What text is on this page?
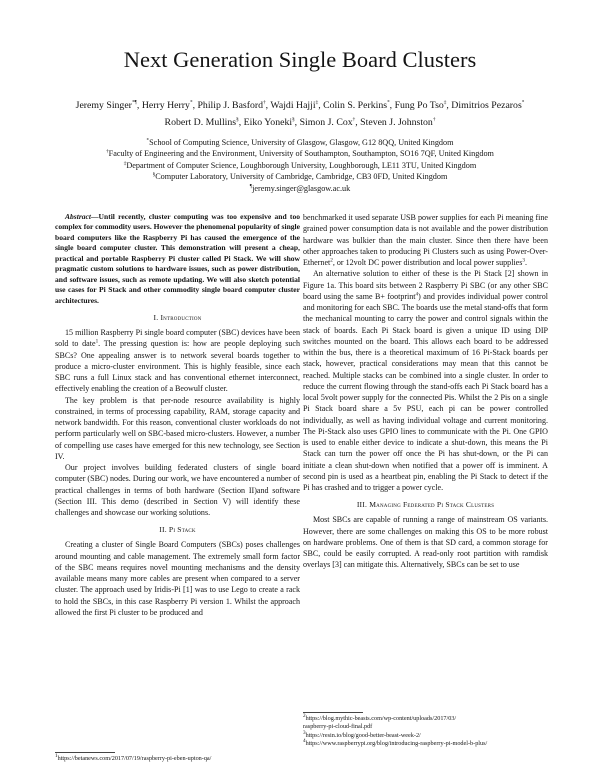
Next Generation Single Board Clusters
Jeremy Singer*¶, Herry Herry*, Philip J. Basford†, Wajdi Hajji‡, Colin S. Perkins*, Fung Po Tso‡, Dimitrios Pezaros*
Robert D. Mullins§, Eiko Yoneki§, Simon J. Cox†, Steven J. Johnston†
*School of Computing Science, University of Glasgow, Glasgow, G12 8QQ, United Kingdom
†Faculty of Engineering and the Environment, University of Southampton, Southampton, SO16 7QF, United Kingdom
‡Department of Computer Science, Loughborough University, Loughborough, LE11 3TU, United Kingdom
§Computer Laboratory, University of Cambridge, Cambridge, CB3 0FD, United Kingdom
¶jeremy.singer@glasgow.ac.uk

Abstract—Until recently, cluster computing was too expensive and too complex for commodity users. However the phenomenal popularity of single board computers like the Raspberry Pi has caused the emergence of the single board computer cluster. This demonstration will present a cheap, practical and portable Raspberry Pi cluster called Pi Stack. We will show pragmatic custom solutions to hardware issues, such as power distribution, and software issues, such as remote updating. We will also sketch potential use cases for Pi Stack and other commodity single board computer cluster architectures.

I. Introduction

15 million Raspberry Pi single board computer (SBC) devices have been sold to date$^1$. The pressing question is: how are people deploying such SBCs? One appealing answer is to network several boards together to produce a micro-cluster environment. This is highly feasible, since each SBC runs a full Linux stack and has conventional ethernet interconnect, effectively enabling the creation of a Beowulf cluster.

The key problem is that per-node resource availability is highly constrained, in terms of processing capability, RAM, storage capacity and network bandwidth. For this reason, conventional cluster workloads do not perform particularly well on SBC-based micro-clusters. However, a number of compelling use cases have emerged for this new technology, see Section IV.

Our project involves building federated clusters of single board computer (SBC) nodes. During our work, we have encountered a number of practical challenges in terms of both hardware (Section II)and software (Section III. This demo (described in Section V) will identify these challenges and showcase our working solutions.

II. Pi Stack

Creating a cluster of Single Board Computers (SBCs) poses challenges around mounting and cable management. The extremely small form factor of the SBC means requires novel mounting mechanisms and the density available means many more cables are present when compared to a server cluster. The approach used by Iridis-Pi [1] was to use Lego to create a rack to hold the SBCs, in this case Raspberry Pi version 1. Whilst the approach allowed the first Pi cluster to be produced and

benchmarked it used separate USB power supplies for each Pi meaning fine grained power consumption data is not available and the power distribution hardware was bulkier than the main cluster. Since then there have been other approaches taken to producing Pi Clusters such as using Power-Over-Ethernet$^2$, or 12volt DC power distribution and local power supplies$^3$.

An alternative solution to either of these is the Pi Stack [2] shown in Figure 1a. This board sits between 2 Raspberry Pi SBC (or any other SBC board using the same B+ footprint$^4$) and provides individual power control and monitoring for each SBC. The boards use the metal stand-offs that form the mechanical mounting to carry the power and control signals within the stack of boards. Each Pi Stack board is given a unique ID using DIP switches mounted on the board. This allows each board to be addressed within the bus, there is a theoretical maximum of 16 Pi-Stack boards per stack, however, practical considerations may mean that this cannot be reached. Multiple stacks can be combined into a single cluster. In order to reduce the current flowing through the stand-offs each Pi Stack board has a local 5volt power supply for the connected Pis. Whilst the 2 Pis on a single Pi Stack board share a 5v PSU, each pi can be power controlled individually, as well as having individual voltage and current monitoring. The Pi-Stack also uses GPIO lines to communicate with the Pi. One GPIO is used to enable either device to indicate a shut-down, this means the Pi Stack can turn the power off once the Pi has shut-down, or the Pi can initiate a clean shut-down when notified that a power off is imminent. A second pin is used as a heartbeat pin, enabling the Pi Stack to detect if the Pi has crashed and to trigger a power cycle.

III. Managing Federated Pi Stack Clusters

Most SBCs are capable of running a range of mainstream OS variants. However, there are some challenges on making this OS to be more robust on hardware problems. One of them is that SD card, a common storage for SBC, could be easily corrupted. A read-only root partition with ramdisk overlays [3] can mitigate this. Alternatively, SBCs can be set to use

$^1$https://betanews.com/2017/07/19/raspberry-pi-eben-upton-qa/
$^2$https://blog.mythic-beasts.com/wp-content/uploads/2017/03/
raspberry-pi-cloud-final.pdf
$^3$https://resin.io/blog/good-better-beast-week-2/
$^4$https://www.raspberrypi.org/blog/introducing-raspberry-pi-model-b-plus/
